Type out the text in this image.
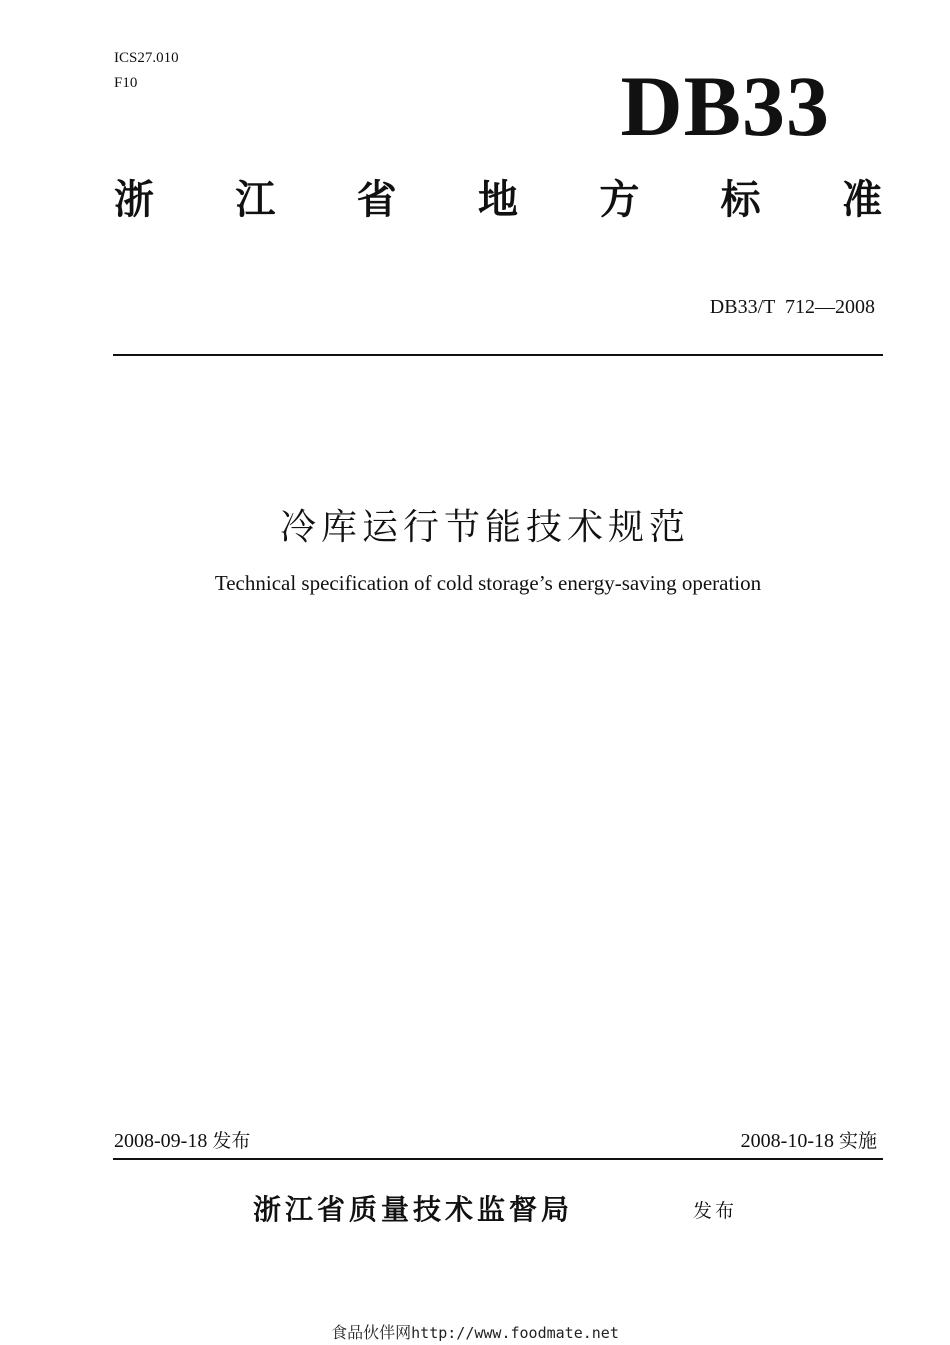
ICS27.010
F10	DB33
浙 江 省 地 方 标 准
DB33/T  712—2008
冷库运行节能技术规范
Technical specification of cold storage’s energy-saving operation
2008-09-18 发布	2008-10-18 实施
浙江省质量技术监督局	发布
食品伙伴网http://www.foodmate.net
